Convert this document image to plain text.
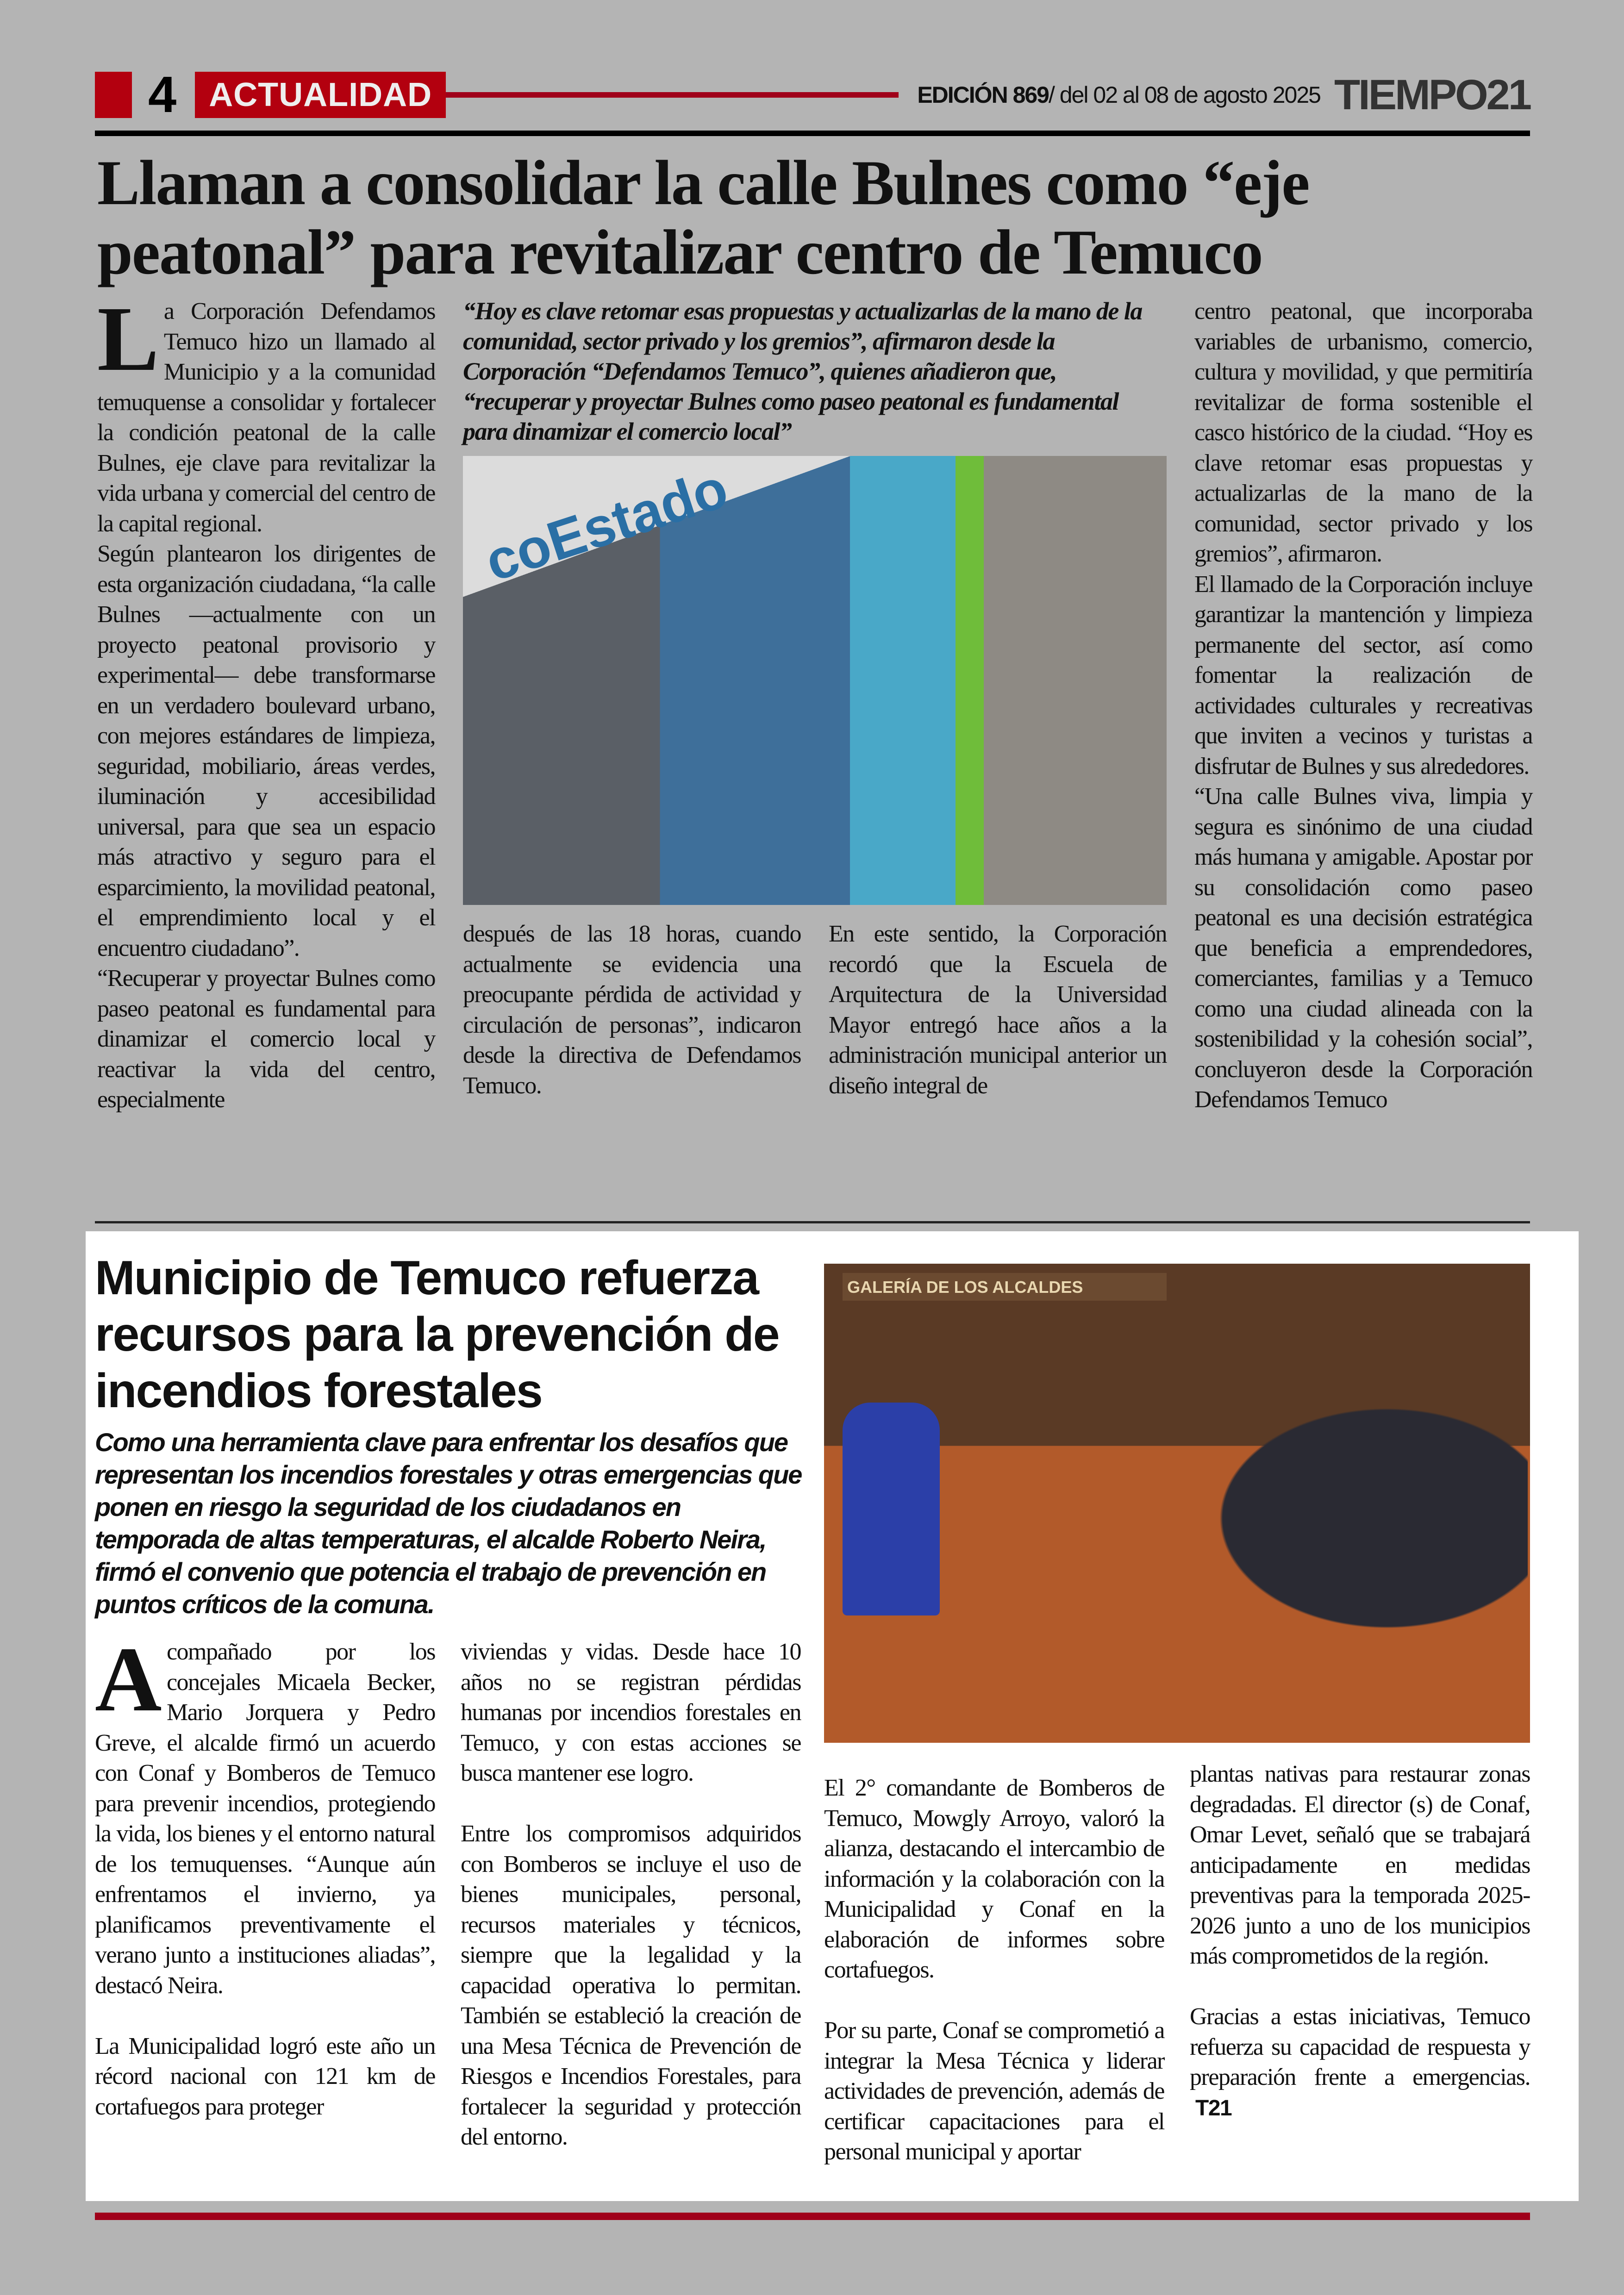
4 ACTUALIDAD	EDICIÓN 869/ del 02 al 08 de agosto 2025 TIEMPO21
Llaman a consolidar la calle Bulnes como “eje peatonal” para revitalizar centro de Temuco
L a Corporación Defendamos Temuco hizo un llamado al Municipio y a la comunidad temuquense a consolidar y fortalecer la condición peatonal de la calle Bulnes, eje clave para revitalizar la vida urbana y comercial del centro de la capital regional.

Según plantearon los dirigentes de esta organización ciudadana, “la calle Bulnes —actualmente con un proyecto peatonal provisorio y experimental— debe transformarse en un verdadero boulevard urbano, con mejores estándares de limpieza, seguridad, mobiliario, áreas verdes, iluminación y accesibilidad universal, para que sea un espacio más atractivo y seguro para el esparcimiento, la movilidad peatonal, el emprendimiento local y el encuentro ciudadano”.

“Recuperar y proyectar Bulnes como paseo peatonal es fundamental para dinamizar el comercio local y reactivar la vida del centro, especialmente

“Hoy es clave retomar esas propuestas y actualizarlas de la mano de la comunidad, sector privado y los gremios”, afirmaron desde la Corporación “Defendamos Temuco”, quienes añadieron que, “recuperar y proyectar Bulnes como paseo peatonal es fundamental para dinamizar el comercio local”
coEstado

después de las 18 horas, cuando actualmente se evidencia una preocupante pérdida de actividad y circulación de personas”, indicaron desde la directiva de Defendamos Temuco.

En este sentido, la Corporación recordó que la Escuela de Arquitectura de la Universidad Mayor entregó hace años a la administración municipal anterior un diseño integral de

centro peatonal, que incorporaba variables de urbanismo, comercio, cultura y movilidad, y que permitiría revitalizar de forma sostenible el casco histórico de la ciudad. “Hoy es clave retomar esas propuestas y actualizarlas de la mano de la comunidad, sector privado y los gremios”, afirmaron.

El llamado de la Corporación incluye garantizar la mantención y limpieza permanente del sector, así como fomentar la realización de actividades culturales y recreativas que inviten a vecinos y turistas a disfrutar de Bulnes y sus alrededores.

“Una calle Bulnes viva, limpia y segura es sinónimo de una ciudad más humana y amigable. Apostar por su consolidación como paseo peatonal es una decisión estratégica que beneficia a emprendedores, comerciantes, familias y a Temuco como una ciudad alineada con la sostenibilidad y la cohesión social”, concluyeron desde la Corporación Defendamos Temuco

Municipio de Temuco refuerza recursos para la prevención de incendios forestales
Como una herramienta clave para enfrentar los desafíos que representan los incendios forestales y otras emergencias que ponen en riesgo la seguridad de los ciudadanos en temporada de altas temperaturas, el alcalde Roberto Neira, firmó el convenio que potencia el trabajo de prevención en puntos críticos de la comuna.
A compañado por los concejales Micaela Becker, Mario Jorquera y Pedro Greve, el alcalde firmó un acuerdo con Conaf y Bomberos de Temuco para prevenir incendios, protegiendo la vida, los bienes y el entorno natural de los temuquenses. “Aunque aún enfrentamos el invierno, ya planificamos preventivamente el verano junto a instituciones aliadas”, destacó Neira.

La Municipalidad logró este año un récord nacional con 121 km de cortafuegos para proteger

viviendas y vidas. Desde hace 10 años no se registran pérdidas humanas por incendios forestales en Temuco, y con estas acciones se busca mantener ese logro.

Entre los compromisos adquiridos con Bomberos se incluye el uso de bienes municipales, personal, recursos materiales y técnicos, siempre que la legalidad y la capacidad operativa lo permitan. También se estableció la creación de una Mesa Técnica de Prevención de Riesgos e Incendios Forestales, para fortalecer la seguridad y protección del entorno.

GALERÍA DE LOS ALCALDES

El 2° comandante de Bomberos de Temuco, Mowgly Arroyo, valoró la alianza, destacando el intercambio de información y la colaboración con la Municipalidad y Conaf en la elaboración de informes sobre cortafuegos.

Por su parte, Conaf se comprometió a integrar la Mesa Técnica y liderar actividades de prevención, además de certificar capacitaciones para el personal municipal y aportar

plantas nativas para restaurar zonas degradadas. El director (s) de Conaf, Omar Levet, señaló que se trabajará anticipadamente en medidas preventivas para la temporada 2025-2026 junto a uno de los municipios más comprometidos de la región.

Gracias a estas iniciativas, Temuco refuerza su capacidad de respuesta y preparación frente a emergencias.T21
